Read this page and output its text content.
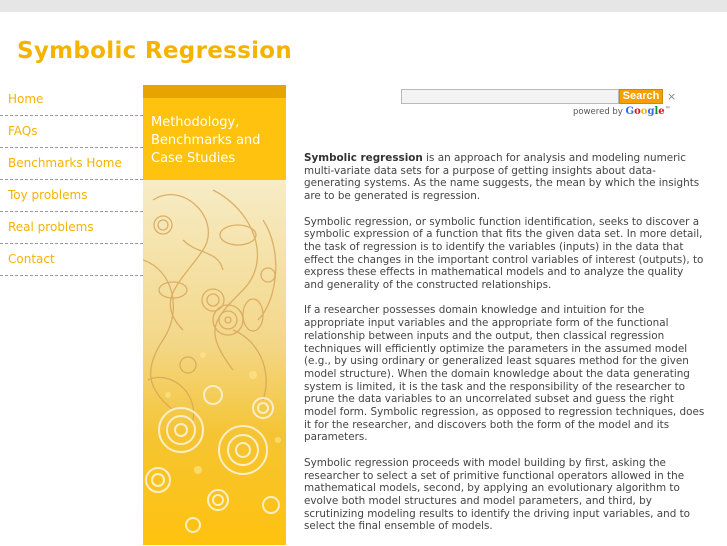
Symbolic Regression
Home
FAQs
Benchmarks Home
Toy problems
Real problems
Contact
Methodology, Benchmarks and Case Studies
Search ×
powered by Google™

Symbolic regression is an approach for analysis and modeling numeric multi-variate data sets for a purpose of getting insights about data-generating systems. As the name suggests, the mean by which the insights are to be generated is regression.

Symbolic regression, or symbolic function identification, seeks to discover a symbolic expression of a function that fits the given data set. In more detail, the task of regression is to identify the variables (inputs) in the data that effect the changes in the important control variables of interest (outputs), to express these effects in mathematical models and to analyze the quality and generality of the constructed relationships.

If a researcher possesses domain knowledge and intuition for the appropriate input variables and the appropriate form of the functional relationship between inputs and the output, then classical regression techniques will efficiently optimize the parameters in the assumed model (e.g., by using ordinary or generalized least squares method for the given model structure). When the domain knowledge about the data generating system is limited, it is the task and the responsibility of the researcher to prune the data variables to an uncorrelated subset and guess the right model form. Symbolic regression, as opposed to regression techniques, does it for the researcher, and discovers both the form of the model and its parameters.

Symbolic regression proceeds with model building by first, asking the researcher to select a set of primitive functional operators allowed in the mathematical models, second, by applying an evolutionary algorithm to evolve both model structures and model parameters, and third, by scrutinizing modeling results to identify the driving input variables, and to select the final ensemble of models.
